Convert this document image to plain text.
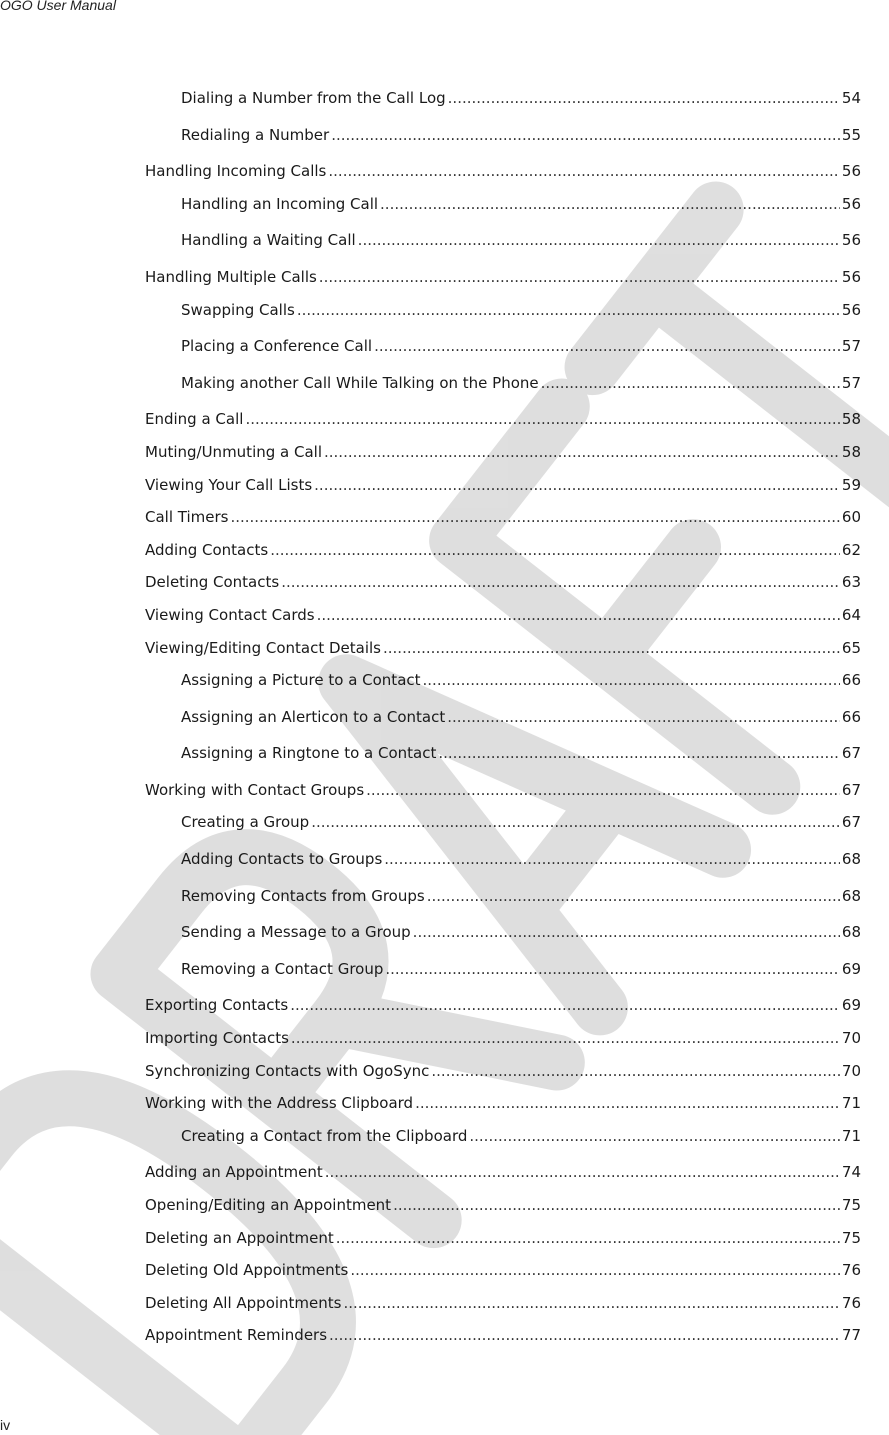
OGO User Manual
Dialing a Number from the Call Log .....	54
Redialing a Number .....	55
Handling Incoming Calls .....	56
Handling an Incoming Call .....	56
Handling a Waiting Call .....	56
Handling Multiple Calls .....	56
Swapping Calls .....	56
Placing a Conference Call .....	57
Making another Call While Talking on the Phone .....	57
Ending a Call .....	58
Muting/Unmuting a Call .....	58
Viewing Your Call Lists .....	59
Call Timers .....	60
Adding Contacts .....	62
Deleting Contacts .....	63
Viewing Contact Cards .....	64
Viewing/Editing Contact Details .....	65
Assigning a Picture to a Contact .....	66
Assigning an Alerticon to a Contact .....	66
Assigning a Ringtone to a Contact .....	67
Working with Contact Groups .....	67
Creating a Group .....	67
Adding Contacts to Groups .....	68
Removing Contacts from Groups .....	68
Sending a Message to a Group .....	68
Removing a Contact Group .....	69
Exporting Contacts .....	69
Importing Contacts .....	70
Synchronizing Contacts with OgoSync .....	70
Working with the Address Clipboard .....	71
Creating a Contact from the Clipboard .....	71
Adding an Appointment .....	74
Opening/Editing an Appointment .....	75
Deleting an Appointment .....	75
Deleting Old Appointments .....	76
Deleting All Appointments .....	76
Appointment Reminders .....	77
iv
